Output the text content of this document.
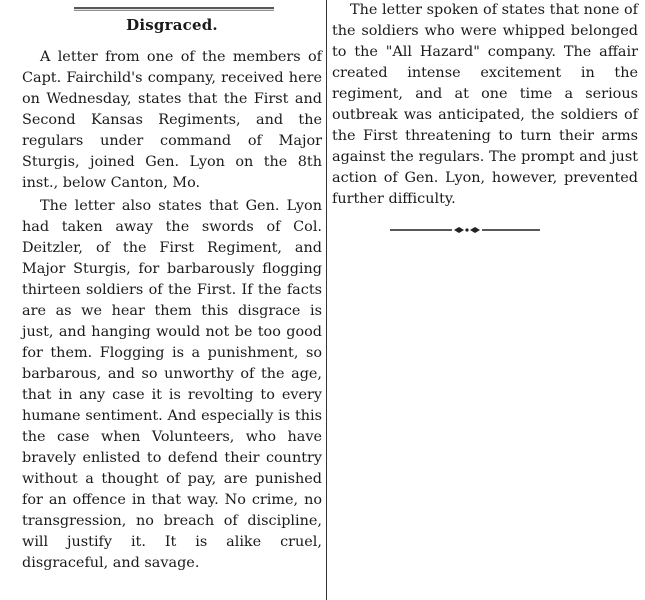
Disgraced.

A letter from one of the members of Capt. Fairchild's company, received here on Wednesday, states that the First and Second Kansas Regiments, and the regulars under command of Major Sturgis, joined Gen. Lyon on the 8th inst., below Canton, Mo.

The letter also states that Gen. Lyon had taken away the swords of Col. Deitzler, of the First Regiment, and Major Sturgis, for barbarously flogging thirteen soldiers of the First. If the facts are as we hear them this disgrace is just, and hanging would not be too good for them. Flogging is a punishment, so barbarous, and so unworthy of the age, that in any case it is revolting to every humane sentiment. And especially is this the case when Volunteers, who have bravely enlisted to defend their country without a thought of pay, are punished for an offence in that way. No crime, no transgression, no breach of discipline, will justify it. It is alike cruel, disgraceful, and savage.

The letter spoken of states that none of the soldiers who were whipped belonged to the "All Hazard" company. The affair created intense excitement in the regiment, and at one time a serious outbreak was anticipated, the soldiers of the First threatening to turn their arms against the regulars. The prompt and just action of Gen. Lyon, however, prevented further difficulty.
